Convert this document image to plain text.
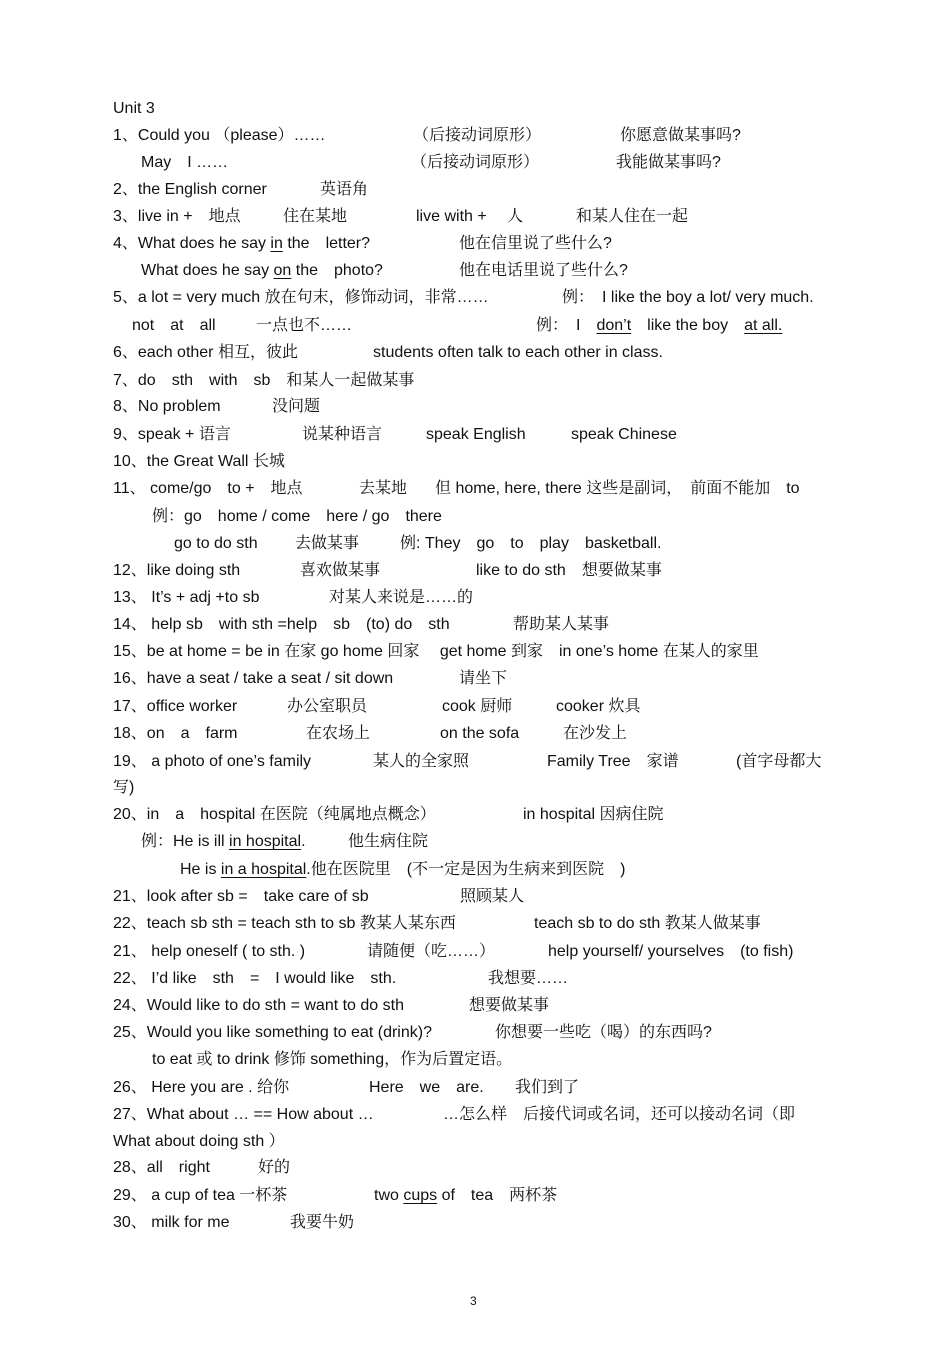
Unit 3
1、Could you （please）……	（后接动词原形）	你愿意做某事吗?
May　I ……	（后接动词原形）	我能做某事吗?
2、the English corner	英语角
3、live in +　地点	住在某地	live with +　 人	和某人住在一起
4、What does he say in the　letter?	他在信里说了些什么?
What does he say on the　photo?	他在电话里说了些什么?
5、a lot = very much 放在句末，修饰动词，非常……	例：　I like the boy a lot/ very much.
not　at　all	一点也不……	例：　I　don’t　like the boy　at all.
6、each other 相互，彼此	students often talk to each other in class.
7、do　sth　with　sb　和某人一起做某事
8、No problem	没问题
9、speak + 语言	说某种语言	speak English	speak Chinese
10、the Great Wall 长城
11、 come/go　to +　地点	去某地 但 home, here, there 这些是副词，　前面不能加　to
例：go　home / come　here / go　there
go to do sth 去做某事	例: They　go　to　play　basketball.
12、like doing sth	喜欢做某事	like to do sth　想要做某事
13、 It’s + adj +to sb	对某人来说是……的
14、 help sb　with sth =help　sb　(to) do　sth	帮助某人某事
15、be at home = be in 在家 go home 回家　 get home 到家　in one’s home 在某人的家里
16、have a seat / take a seat / sit down	请坐下
17、office worker	办公室职员	cook 厨师	cooker 炊具
18、on　a　farm	在农场上	on the sofa	在沙发上
19、 a photo of one’s family	某人的全家照	Family Tree　家谱	(首字母都大
写)
20、in　a　hospital 在医院（纯属地点概念）	in hospital 因病住院
例：He is ill in hospital.	他生病住院
He is in a hospital.他在医院里　(不一定是因为生病来到医院　)
21、look after sb =　take care of sb	照顾某人
22、teach sb sth = teach sth to sb 教某人某东西	teach sb to do sth 教某人做某事
21、 help oneself ( to sth. )	请随便（吃……）	help yourself/ yourselves　(to fish)
22、 I’d like　sth　=　I would like　sth.	我想要……
24、Would like to do sth = want to do sth	想要做某事
25、Would you like something to eat (drink)?	你想要一些吃（喝）的东西吗?
to eat 或 to drink 修饰 something，作为后置定语。
26、 Here you are . 给你	Here　we　are. 我们到了
27、What about … == How about …	…怎么样　后接代词或名词，还可以接动名词（即
What about doing sth ）
28、all　right	好的
29、 a cup of tea 一杯茶	two cups of　tea　两杯茶
30、 milk for me	我要牛奶
3
